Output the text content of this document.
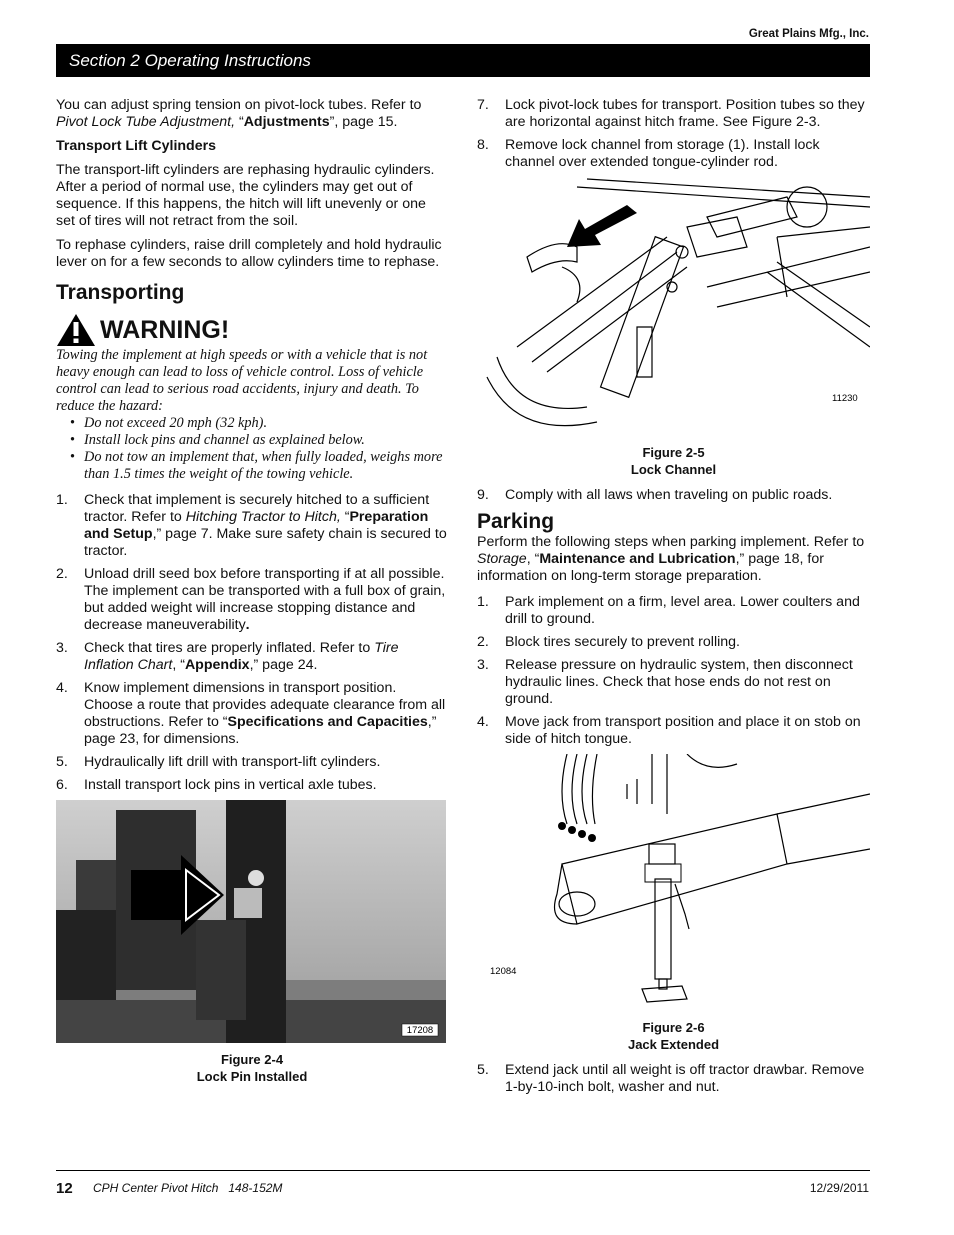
Great Plains Mfg., Inc.
Section 2 Operating Instructions

You can adjust spring tension on pivot-lock tubes. Refer to Pivot Lock Tube Adjustment, “Adjustments”, page 15.

Transport Lift Cylinders

The transport-lift cylinders are rephasing hydraulic cylinders. After a period of normal use, the cylinders may get out of sequence. If this happens, the hitch will lift unevenly or one set of tires will not retract from the soil.

To rephase cylinders, raise drill completely and hold hydraulic lever on for a few seconds to allow cylinders time to rephase.

Transporting
WARNING!

Towing the implement at high speeds or with a vehicle that is not heavy enough can lead to loss of vehicle control. Loss of vehicle control can lead to serious road accidents, injury and death. To reduce the hazard:

• Do not exceed 20 mph (32 kph).
• Install lock pins and channel as explained below.
• Do not tow an implement that, when fully loaded, weighs more than 1.5 times the weight of the towing vehicle.
1. Check that implement is securely hitched to a sufficient tractor. Refer to Hitching Tractor to Hitch, “Preparation and Setup,” page 7. Make sure safety chain is secured to tractor.
2. Unload drill seed box before transporting if at all possible. The implement can be transported with a full box of grain, but added weight will increase stopping distance and decrease maneuverability.
3. Check that tires are properly inflated. Refer to Tire Inflation Chart, “Appendix,” page 24.
4. Know implement dimensions in transport position. Choose a route that provides adequate clearance from all obstructions. Refer to “Specifications and Capacities,” page 23, for dimensions.
5. Hydraulically lift drill with transport-lift cylinders.
6. Install transport lock pins in vertical axle tubes.
17208
Figure 2-4
Lock Pin Installed
7. Lock pivot-lock tubes for transport. Position tubes so they are horizontal against hitch frame. See Figure 2-3.
8. Remove lock channel from storage (1). Install lock channel over extended tongue-cylinder rod.
11230
Figure 2-5
Lock Channel
9. Comply with all laws when traveling on public roads.
Parking

Perform the following steps when parking implement. Refer to Storage, “Maintenance and Lubrication,” page 18, for information on long-term storage preparation.

1. Park implement on a firm, level area. Lower coulters and drill to ground.
2. Block tires securely to prevent rolling.
3. Release pressure on hydraulic system, then disconnect hydraulic lines. Check that hose ends do not rest on ground.
4. Move jack from transport position and place it on stob on side of hitch tongue.
12084
Figure 2-6
Jack Extended
5. Extend jack until all weight is off tractor drawbar. Remove 1-by-10-inch bolt, washer and nut.
12 CPH Center Pivot Hitch   148-152M	12/29/2011
